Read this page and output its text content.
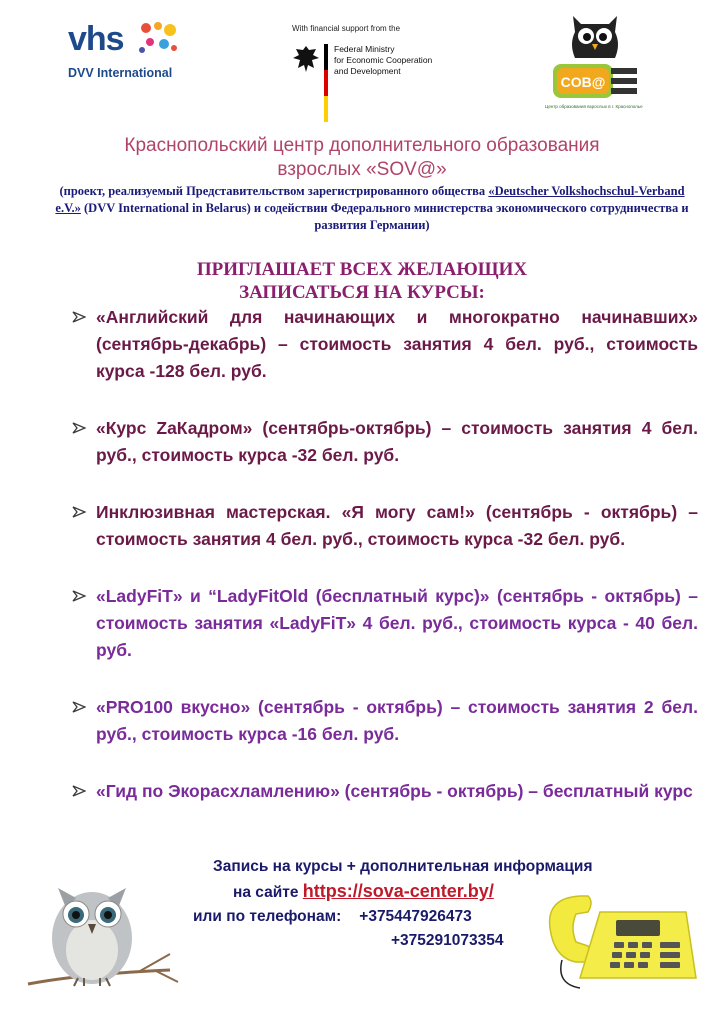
vhs
DVV International
With financial support from the
Federal Ministry
for Economic Cooperation
and Development
COB@
Центр образования взрослых в г. Краснополье
Краснопольский центр дополнительного образования
взрослых «SOV@»
(проект, реализуемый Представительством зарегистрированного общества «Deutscher Volkshochschul-Verband e.V.» (DVV International in Belarus) и содействии Федерального министерства экономического сотрудничества и развития Германии)
ПРИГЛАШАЕТ ВСЕХ ЖЕЛАЮЩИХ
ЗАПИСАТЬСЯ НА КУРСЫ:
«Английский для начинающих и многократно начинавших» (сентябрь-декабрь) – стоимость занятия 4 бел. руб., стоимость курса -128 бел. руб.
«Курс ZaКадром» (сентябрь-октябрь) – стоимость занятия 4 бел. руб., стоимость курса -32 бел. руб.
Инклюзивная мастерская. «Я могу сам!» (сентябрь - октябрь) – стоимость занятия 4 бел. руб., стоимость курса -32 бел. руб.
«LadyFiT» и “LadyFitOld (бесплатный курс)» (сентябрь - октябрь) – стоимость занятия «LadyFiT» 4 бел. руб., стоимость курса - 40 бел. руб.
«PRO100 вкусно» (сентябрь - октябрь) – стоимость занятия 2 бел. руб., стоимость курса -16 бел. руб.
«Гид по Экорасхламлению» (сентябрь - октябрь) – бесплатный курс
Запись на курсы + дополнительная информация
на сайте https://sova-center.by/
или по телефонам: +375447926473
+375291073354
